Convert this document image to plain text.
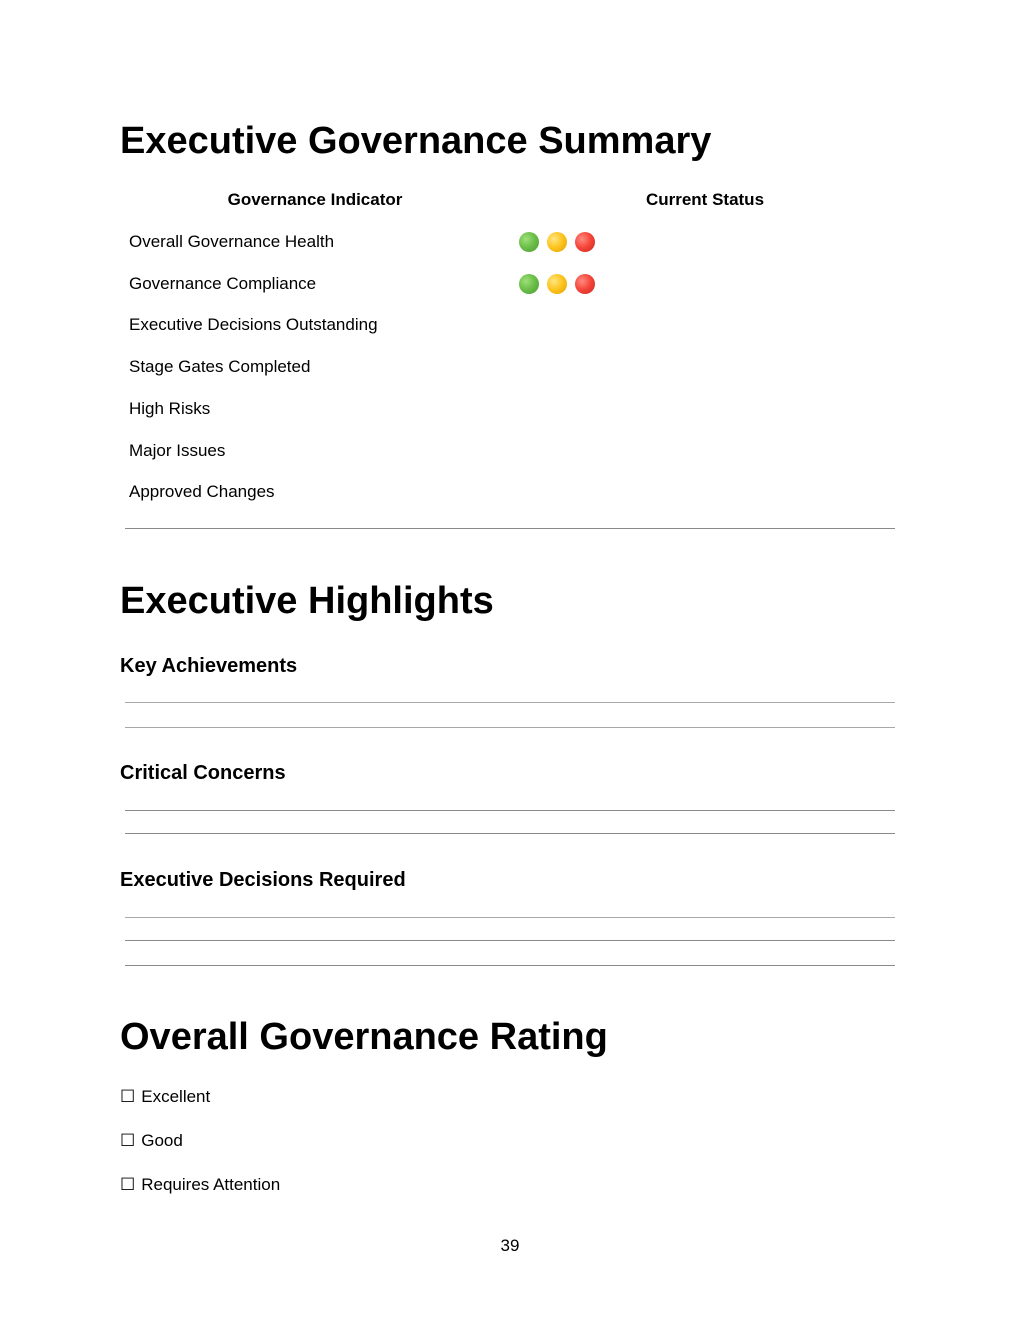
Executive Governance Summary
Governance Indicator	Current Status
Overall Governance Health
Governance Compliance
Executive Decisions Outstanding
Stage Gates Completed
High Risks
Major Issues
Approved Changes
Executive Highlights
Key Achievements
Critical Concerns
Executive Decisions Required
Overall Governance Rating
☐ Excellent
☐ Good
☐ Requires Attention
39
